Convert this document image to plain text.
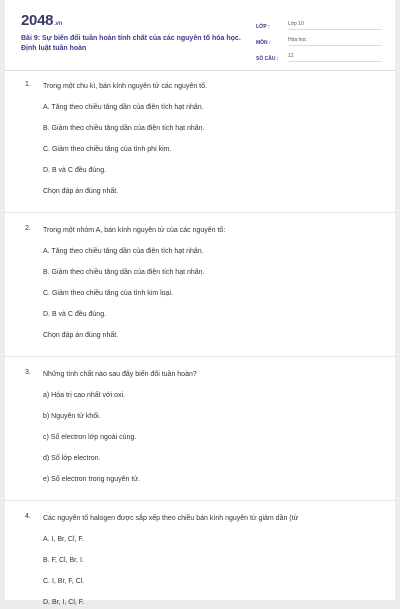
2048.vn
Bài 9: Sự biến đổi tuần hoàn tính chất của các nguyên tố hóa học. Định luật tuần hoàn
LỚP :	Lớp 10
MÔN :	Hóa học
SỐ CÂU :	12
1. Trong một chu kì, bán kính nguyên tử các nguyên tố.
A. Tăng theo chiều tăng dần của điện tích hạt nhân.
B. Giảm theo chiều tăng dần của điện tích hạt nhân.
C. Giảm theo chiều tăng của tính phi kim.
D. B và C đều đúng.
Chọn đáp án đúng nhất.
2. Trong một nhóm A, bán kính nguyên tử của các nguyên tố:
A. Tăng theo chiều tăng dần của điện tích hạt nhân.
B. Giảm theo chiều tăng dần của điện tích hạt nhân.
C. Giảm theo chiều tăng của tính kim loại.
D. B và C đều đúng.
Chọn đáp án đúng nhất.
3. Những tính chất nào sau đây biến đổi tuần hoàn?
a) Hóa trị cao nhất với oxi.
b) Nguyên tử khối.
c) Số electron lớp ngoài cùng.
d) Số lớp electron.
e) Số electron trong nguyên tử.
4. Các nguyên tố halogen được sắp xếp theo chiều bán kính nguyên tử giảm dần (từ
A. I, Br, Cl, F.
B. F, Cl, Br, I.
C. I, Br, F, Cl.
D. Br, I, Cl, F.
